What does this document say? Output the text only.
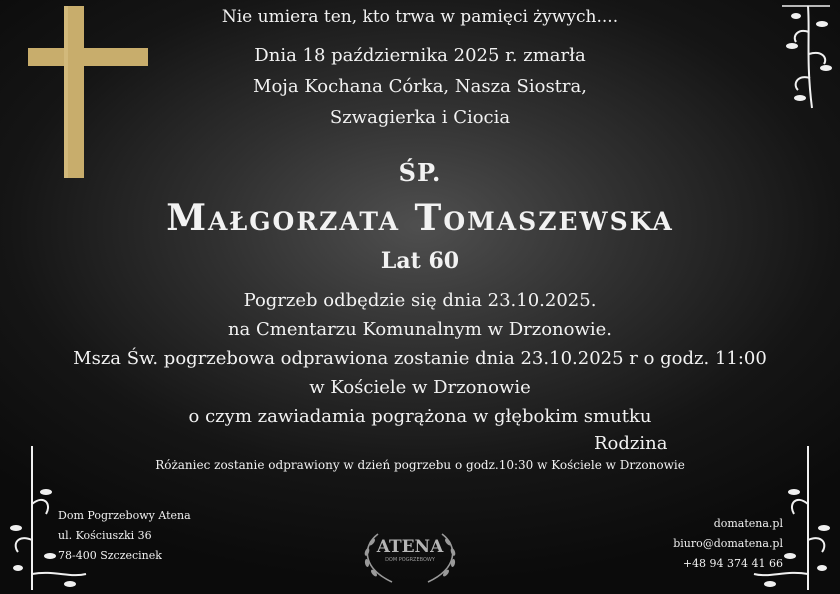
Nie umiera ten, kto trwa w pamięci żywych....
Dnia 18 października 2025 r. zmarła
Moja Kochana Córka, Nasza Siostra,
Szwagierka i Ciocia
ŚP.
Małgorzata Tomaszewska
Lat 60
Pogrzeb odbędzie się dnia 23.10.2025.
na Cmentarzu Komunalnym w Drzonowie.
Msza Św. pogrzebowa odprawiona zostanie dnia 23.10.2025 r o godz. 11:00
w Kościele w Drzonowie
o czym zawiadamia pogrążona w głębokim smutku
Rodzina
Różaniec zostanie odprawiony w dzień pogrzebu o godz.10:30 w Kościele w Drzonowie
Dom Pogrzebowy Atena
ul. Kościuszki 36
78-400 Szczecinek
domatena.pl
biuro@domatena.pl
+48 94 374 41 66
ATENA
DOM POGRZEBOWY
